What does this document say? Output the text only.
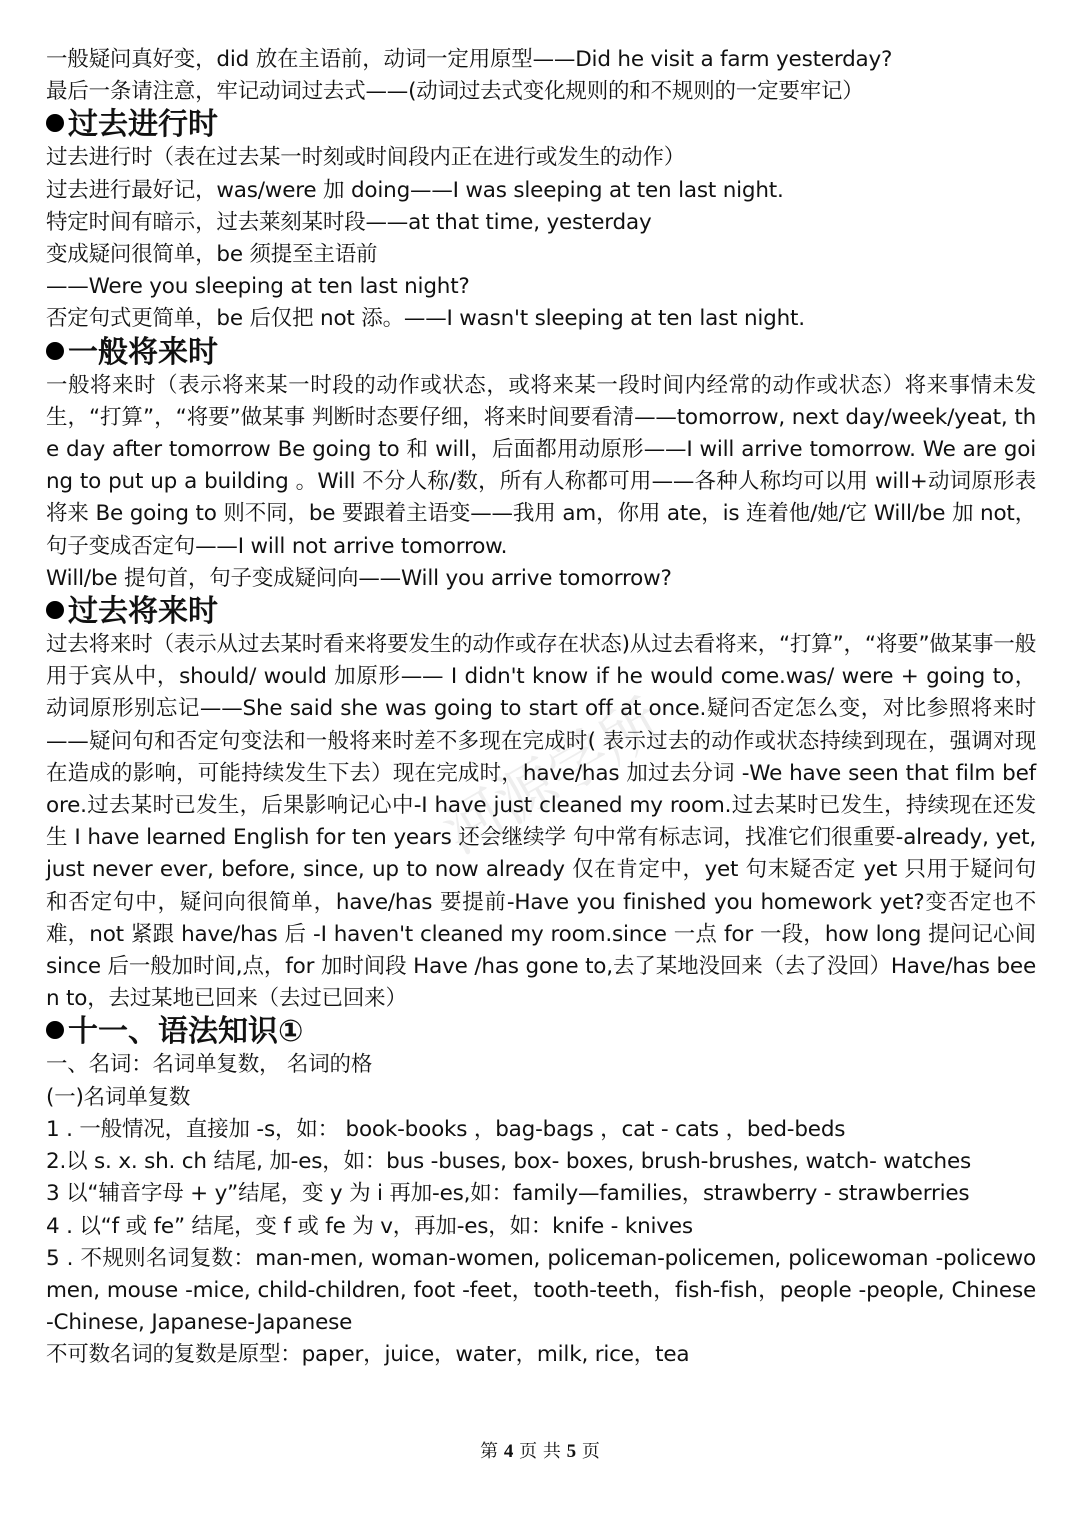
河源学所
一般疑问真好变，did 放在主语前，动词一定用原型——Did he visit a farm yesterday?
最后一条请注意，牢记动词过去式——(动词过去式变化规则的和不规则的一定要牢记）
过去进行时
过去进行时（表在过去某一时刻或时间段内正在进行或发生的动作）
过去进行最好记，was/were 加 doing——I was sleeping at ten last night.
特定时间有暗示，过去莱刻某时段——at that time, yesterday
变成疑问很简单，be 须提至主语前
——Were you sleeping at ten last night?
否定句式更简单，be 后仅把 not 添。——I wasn't sleeping at ten last night.
一般将来时
一般将来时（表示将来某一时段的动作或状态，或将来某一段时间内经常的动作或状态）将来事情未发生，“打算”，“将要”做某事 判断时态要仔细，将来时间要看清——tomorrow, next day/week/yeat, the day after tomorrow Be going to 和 will，后面都用动原形——I will arrive tomorrow. We are going to put up a building 。Will 不分人称/数，所有人称都可用——各种人称均可以用 will+动词原形表将来 Be going to 则不同，be 要跟着主语变——我用 am，你用 ate，is 连着他/她/它 Will/be 加 not，句子变成否定句——I will not arrive tomorrow.
Will/be 提句首，句子变成疑问向——Will you arrive tomorrow?
过去将来时
过去将来时（表示从过去某时看来将要发生的动作或存在状态)从过去看将来，“打算”，“将要”做某事一般用于宾从中，should/ would 加原形—— I didn't know if he would come.was/ were + going to，动词原形别忘记——She said she was going to start off at once.疑问否定怎么变，对比参照将来时——疑问句和否定句变法和一般将来时差不多现在完成时( 表示过去的动作或状态持续到现在，强调对现在造成的影响，可能持续发生下去）现在完成时，have/has 加过去分词 -We have seen that film before.过去某时已发生，后果影响记心中-I have just cleaned my room.过去某时已发生，持续现在还发生 I have learned English for ten years 还会继续学 句中常有标志词，找准它们很重要-already, yet, just never ever, before, since, up to now already 仅在肯定中，yet 句末疑否定 yet 只用于疑问句和否定句中，疑问向很简单，have/has 要提前-Have you finished you homework yet?变否定也不难，not 紧跟 have/has 后 -I haven't cleaned my room.since 一点 for 一段，how long 提问记心间 since 后一般加时间,点，for 加时间段 Have /has gone to,去了某地没回来（去了没回）Have/has been to，去过某地已回来（去过已回来）
十一、语法知识①
一、名词：名词单复数， 名词的格
(一)名词单复数
1 . 一般情况，直接加 -s，如： book-books ，bag-bags ，cat - cats ，bed-beds
2.以 s. x. sh. ch 结尾, 加-es，如：bus -buses, box- boxes, brush-brushes, watch- watches
3 以“辅音字母 + y”结尾，变 y 为 i 再加-es,如：family—families，strawberry - strawberries
4 . 以“f 或 fe” 结尾，变 f 或 fe 为 v，再加-es，如：knife - knives
5 . 不规则名词复数：man-men, woman-women, policeman-policemen, policewoman -policewomen, mouse -mice, child-children, foot -feet，tooth-teeth，fish-fish，people -people, Chinese -Chinese, Japanese-Japanese
不可数名词的复数是原型：paper，juice，water，milk, rice，tea
第 4 页 共 5 页
